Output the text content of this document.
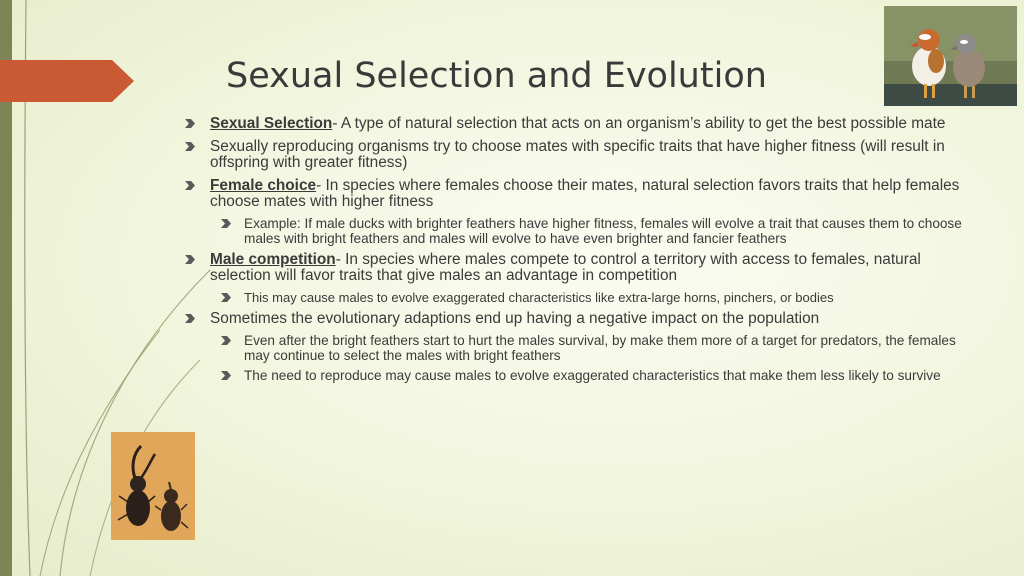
Sexual Selection and Evolution
Sexual Selection- A type of natural selection that acts on an organism’s ability to get the best possible mate
Sexually reproducing organisms try to choose mates with specific traits that have higher fitness (will result in offspring with greater fitness)
Female choice- In species where females choose their mates, natural selection favors traits that help females choose mates with higher fitness
Example: If male ducks with brighter feathers have higher fitness, females will evolve a trait that causes them to choose males with bright feathers and males will evolve to have even brighter and fancier feathers
Male competition- In species where males compete to control a territory with access to females, natural selection will favor traits that give males an advantage in competition
This may cause males to evolve exaggerated characteristics like extra-large horns, pinchers, or bodies
Sometimes the evolutionary adaptions end up having a negative impact on the population
Even after the bright feathers start to hurt the males survival, by make them more of a target for predators, the females may continue to select the males with bright feathers
The need to reproduce may cause males to evolve exaggerated characteristics that make them less likely to survive
